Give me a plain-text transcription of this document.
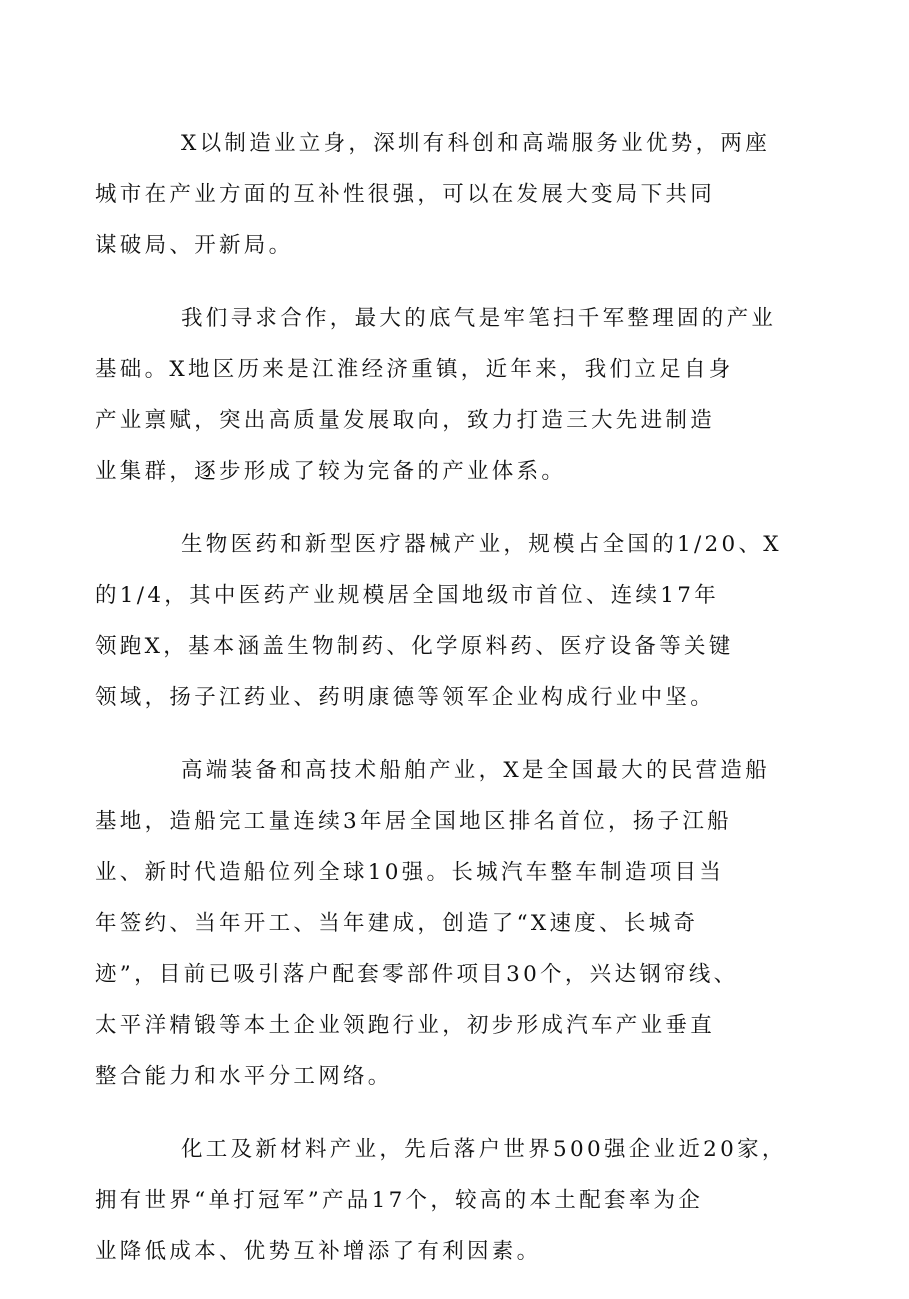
X以制造业立身，深圳有科创和高端服务业优势，两座
城市在产业方面的互补性很强，可以在发展大变局下共同
谋破局、开新局。

我们寻求合作，最大的底气是牢笔扫千军整理固的产业
基础。X地区历来是江淮经济重镇，近年来，我们立足自身
产业禀赋，突出高质量发展取向，致力打造三大先进制造
业集群，逐步形成了较为完备的产业体系。

生物医药和新型医疗器械产业，规模占全国的1/20、X
的1/4，其中医药产业规模居全国地级市首位、连续17年
领跑X，基本涵盖生物制药、化学原料药、医疗设备等关键
领域，扬子江药业、药明康德等领军企业构成行业中坚。

高端装备和高技术船舶产业，X是全国最大的民营造船
基地，造船完工量连续3年居全国地区排名首位，扬子江船
业、新时代造船位列全球10强。长城汽车整车制造项目当
年签约、当年开工、当年建成，创造了“X速度、长城奇
迹”，目前已吸引落户配套零部件项目30个，兴达钢帘线、
太平洋精锻等本土企业领跑行业，初步形成汽车产业垂直
整合能力和水平分工网络。

化工及新材料产业，先后落户世界500强企业近20家，
拥有世界“单打冠军”产品17个，较高的本土配套率为企
业降低成本、优势互补增添了有利因素。
